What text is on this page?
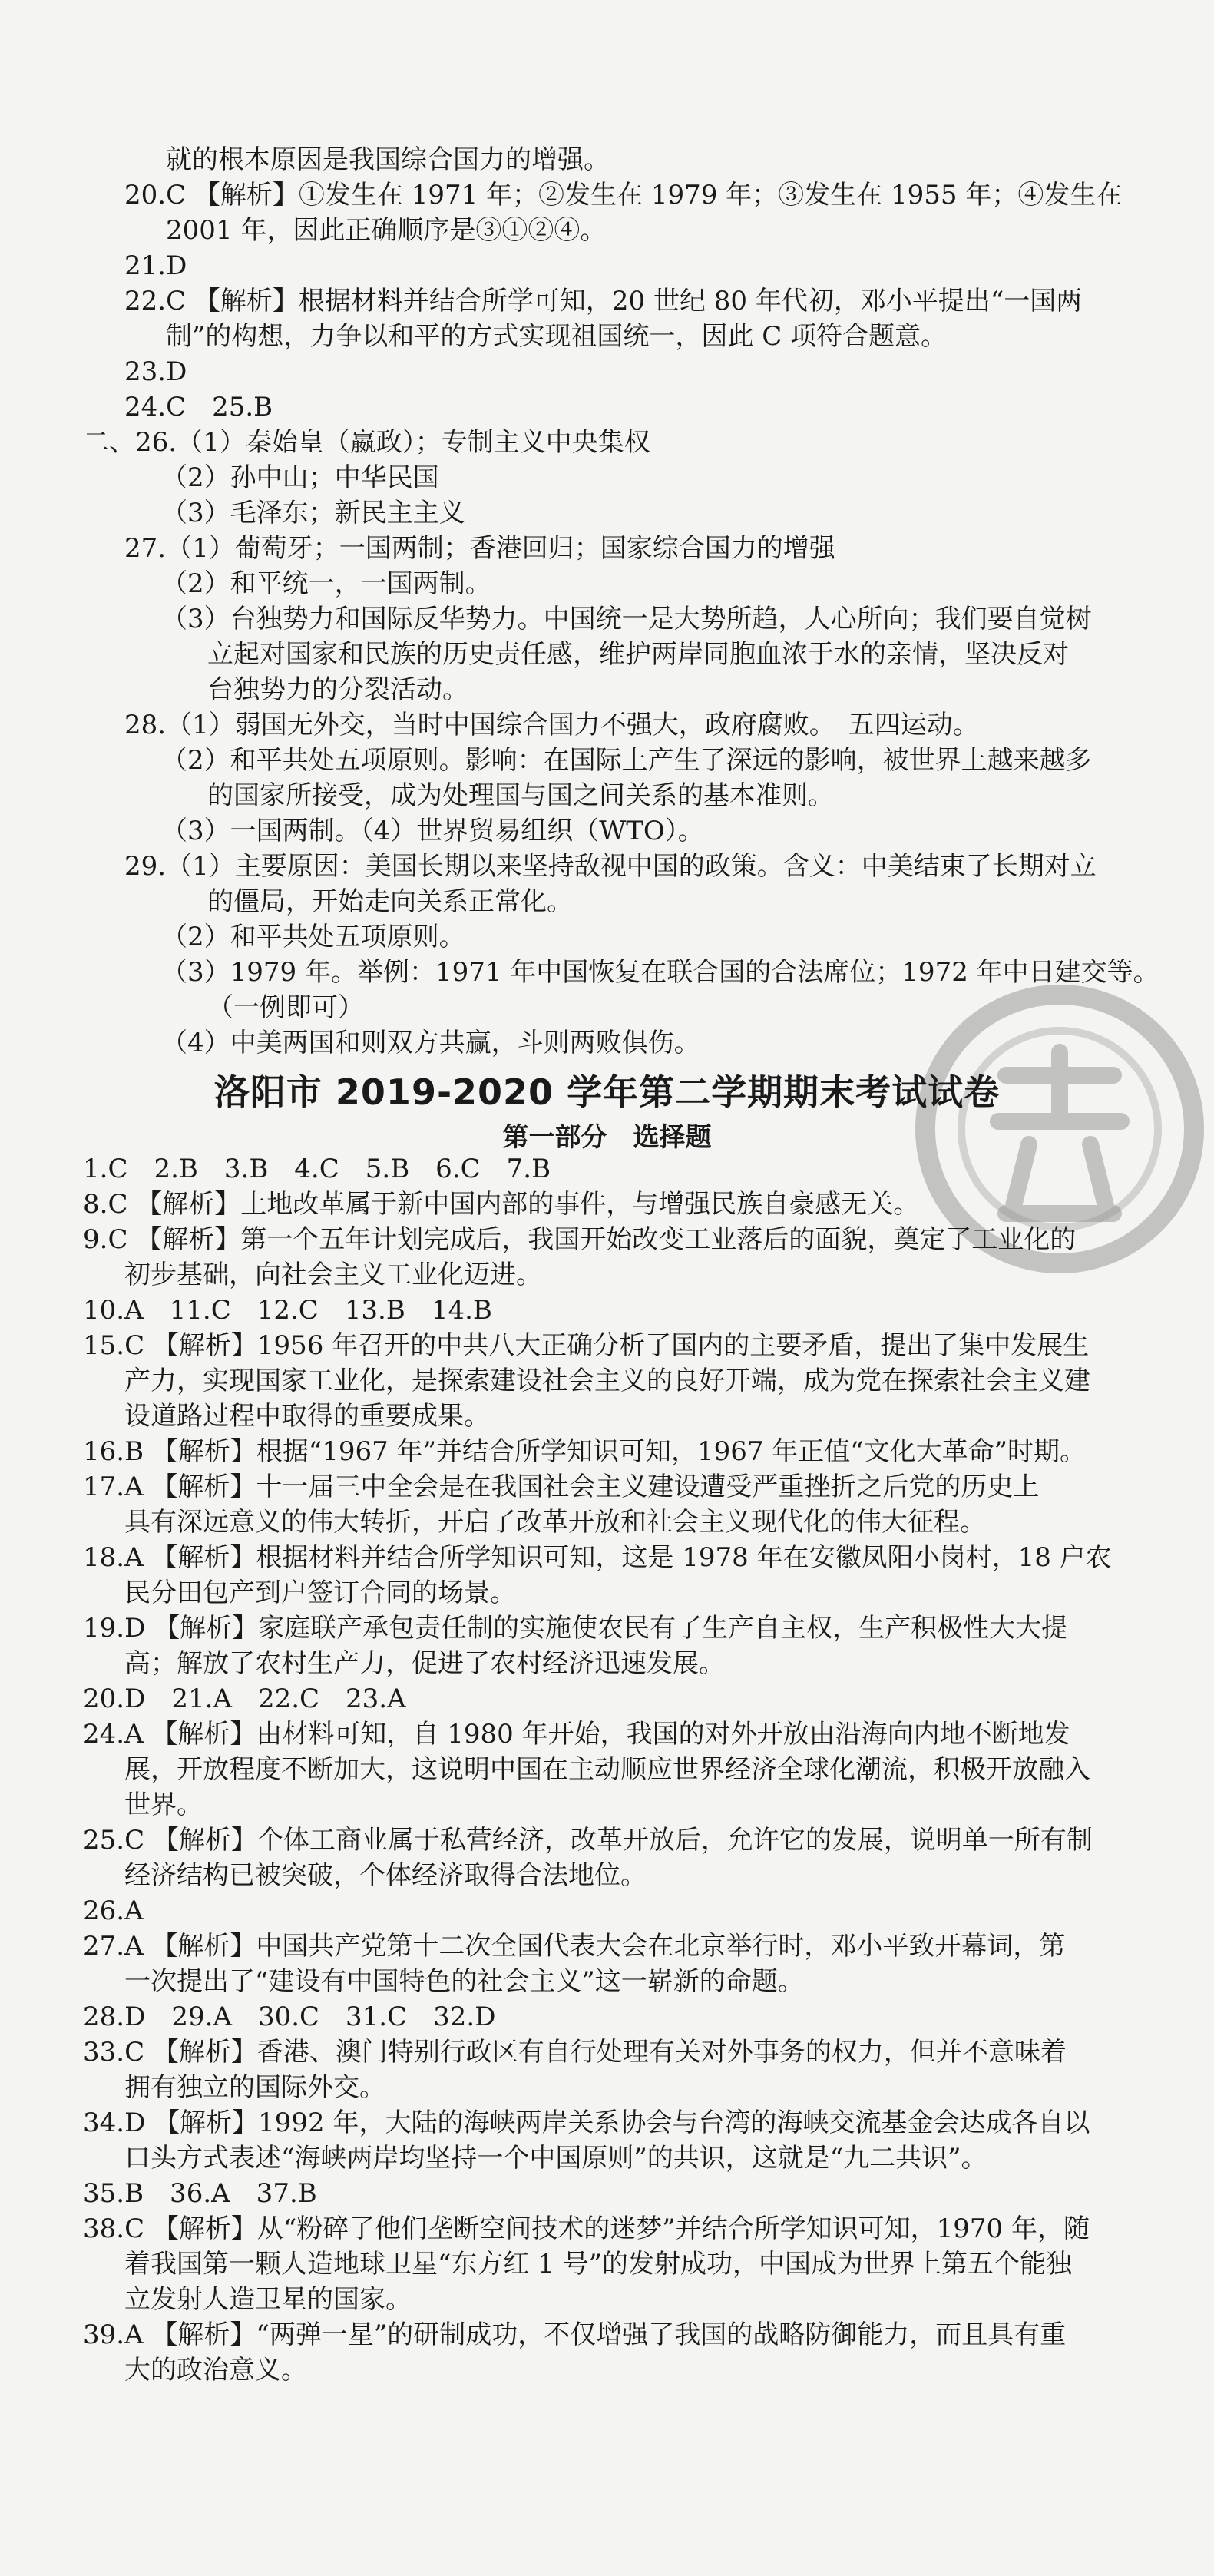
就的根本原因是我国综合国力的增强。
20.C 【解析】①发生在 1971 年；②发生在 1979 年；③发生在 1955 年；④发生在
2001 年，因此正确顺序是③①②④。
21.D
22.C 【解析】根据材料并结合所学可知，20 世纪 80 年代初，邓小平提出“一国两
制”的构想，力争以和平的方式实现祖国统一，因此 C 项符合题意。
23.D
24.C　25.B
二、26.（1）秦始皇（嬴政）；专制主义中央集权
（2）孙中山；中华民国
（3）毛泽东；新民主主义
27.（1）葡萄牙；一国两制；香港回归；国家综合国力的增强
（2）和平统一，一国两制。
（3）台独势力和国际反华势力。中国统一是大势所趋，人心所向；我们要自觉树
立起对国家和民族的历史责任感，维护两岸同胞血浓于水的亲情，坚决反对
台独势力的分裂活动。
28.（1）弱国无外交，当时中国综合国力不强大，政府腐败。　五四运动。
（2）和平共处五项原则。影响：在国际上产生了深远的影响，被世界上越来越多
的国家所接受，成为处理国与国之间关系的基本准则。
（3）一国两制。（4）世界贸易组织（WTO）。
29.（1）主要原因：美国长期以来坚持敌视中国的政策。含义：中美结束了长期对立
的僵局，开始走向关系正常化。
（2）和平共处五项原则。
（3）1979 年。举例：1971 年中国恢复在联合国的合法席位；1972 年中日建交等。
（一例即可）
（4）中美两国和则双方共赢，斗则两败俱伤。
洛阳市 2019-2020 学年第二学期期末考试试卷
第一部分　选择题
1.C　2.B　3.B　4.C　5.B　6.C　7.B
8.C 【解析】土地改革属于新中国内部的事件，与增强民族自豪感无关。
9.C 【解析】第一个五年计划完成后，我国开始改变工业落后的面貌，奠定了工业化的
初步基础，向社会主义工业化迈进。
10.A　11.C　12.C　13.B　14.B
15.C 【解析】1956 年召开的中共八大正确分析了国内的主要矛盾，提出了集中发展生
产力，实现国家工业化，是探索建设社会主义的良好开端，成为党在探索社会主义建
设道路过程中取得的重要成果。
16.B 【解析】根据“1967 年”并结合所学知识可知，1967 年正值“文化大革命”时期。
17.A 【解析】十一届三中全会是在我国社会主义建设遭受严重挫折之后党的历史上
具有深远意义的伟大转折，开启了改革开放和社会主义现代化的伟大征程。
18.A 【解析】根据材料并结合所学知识可知，这是 1978 年在安徽凤阳小岗村，18 户农
民分田包产到户签订合同的场景。
19.D 【解析】家庭联产承包责任制的实施使农民有了生产自主权，生产积极性大大提
高；解放了农村生产力，促进了农村经济迅速发展。
20.D　21.A　22.C　23.A
24.A 【解析】由材料可知，自 1980 年开始，我国的对外开放由沿海向内地不断地发
展，开放程度不断加大，这说明中国在主动顺应世界经济全球化潮流，积极开放融入
世界。
25.C 【解析】个体工商业属于私营经济，改革开放后，允许它的发展，说明单一所有制
经济结构已被突破，个体经济取得合法地位。
26.A
27.A 【解析】中国共产党第十二次全国代表大会在北京举行时，邓小平致开幕词，第
一次提出了“建设有中国特色的社会主义”这一崭新的命题。
28.D　29.A　30.C　31.C　32.D
33.C 【解析】香港、澳门特别行政区有自行处理有关对外事务的权力，但并不意味着
拥有独立的国际外交。
34.D 【解析】1992 年，大陆的海峡两岸关系协会与台湾的海峡交流基金会达成各自以
口头方式表述“海峡两岸均坚持一个中国原则”的共识，这就是“九二共识”。
35.B　36.A　37.B
38.C 【解析】从“粉碎了他们垄断空间技术的迷梦”并结合所学知识可知，1970 年，随
着我国第一颗人造地球卫星“东方红 1 号”的发射成功，中国成为世界上第五个能独
立发射人造卫星的国家。
39.A 【解析】“两弹一星”的研制成功，不仅增强了我国的战略防御能力，而且具有重
大的政治意义。
